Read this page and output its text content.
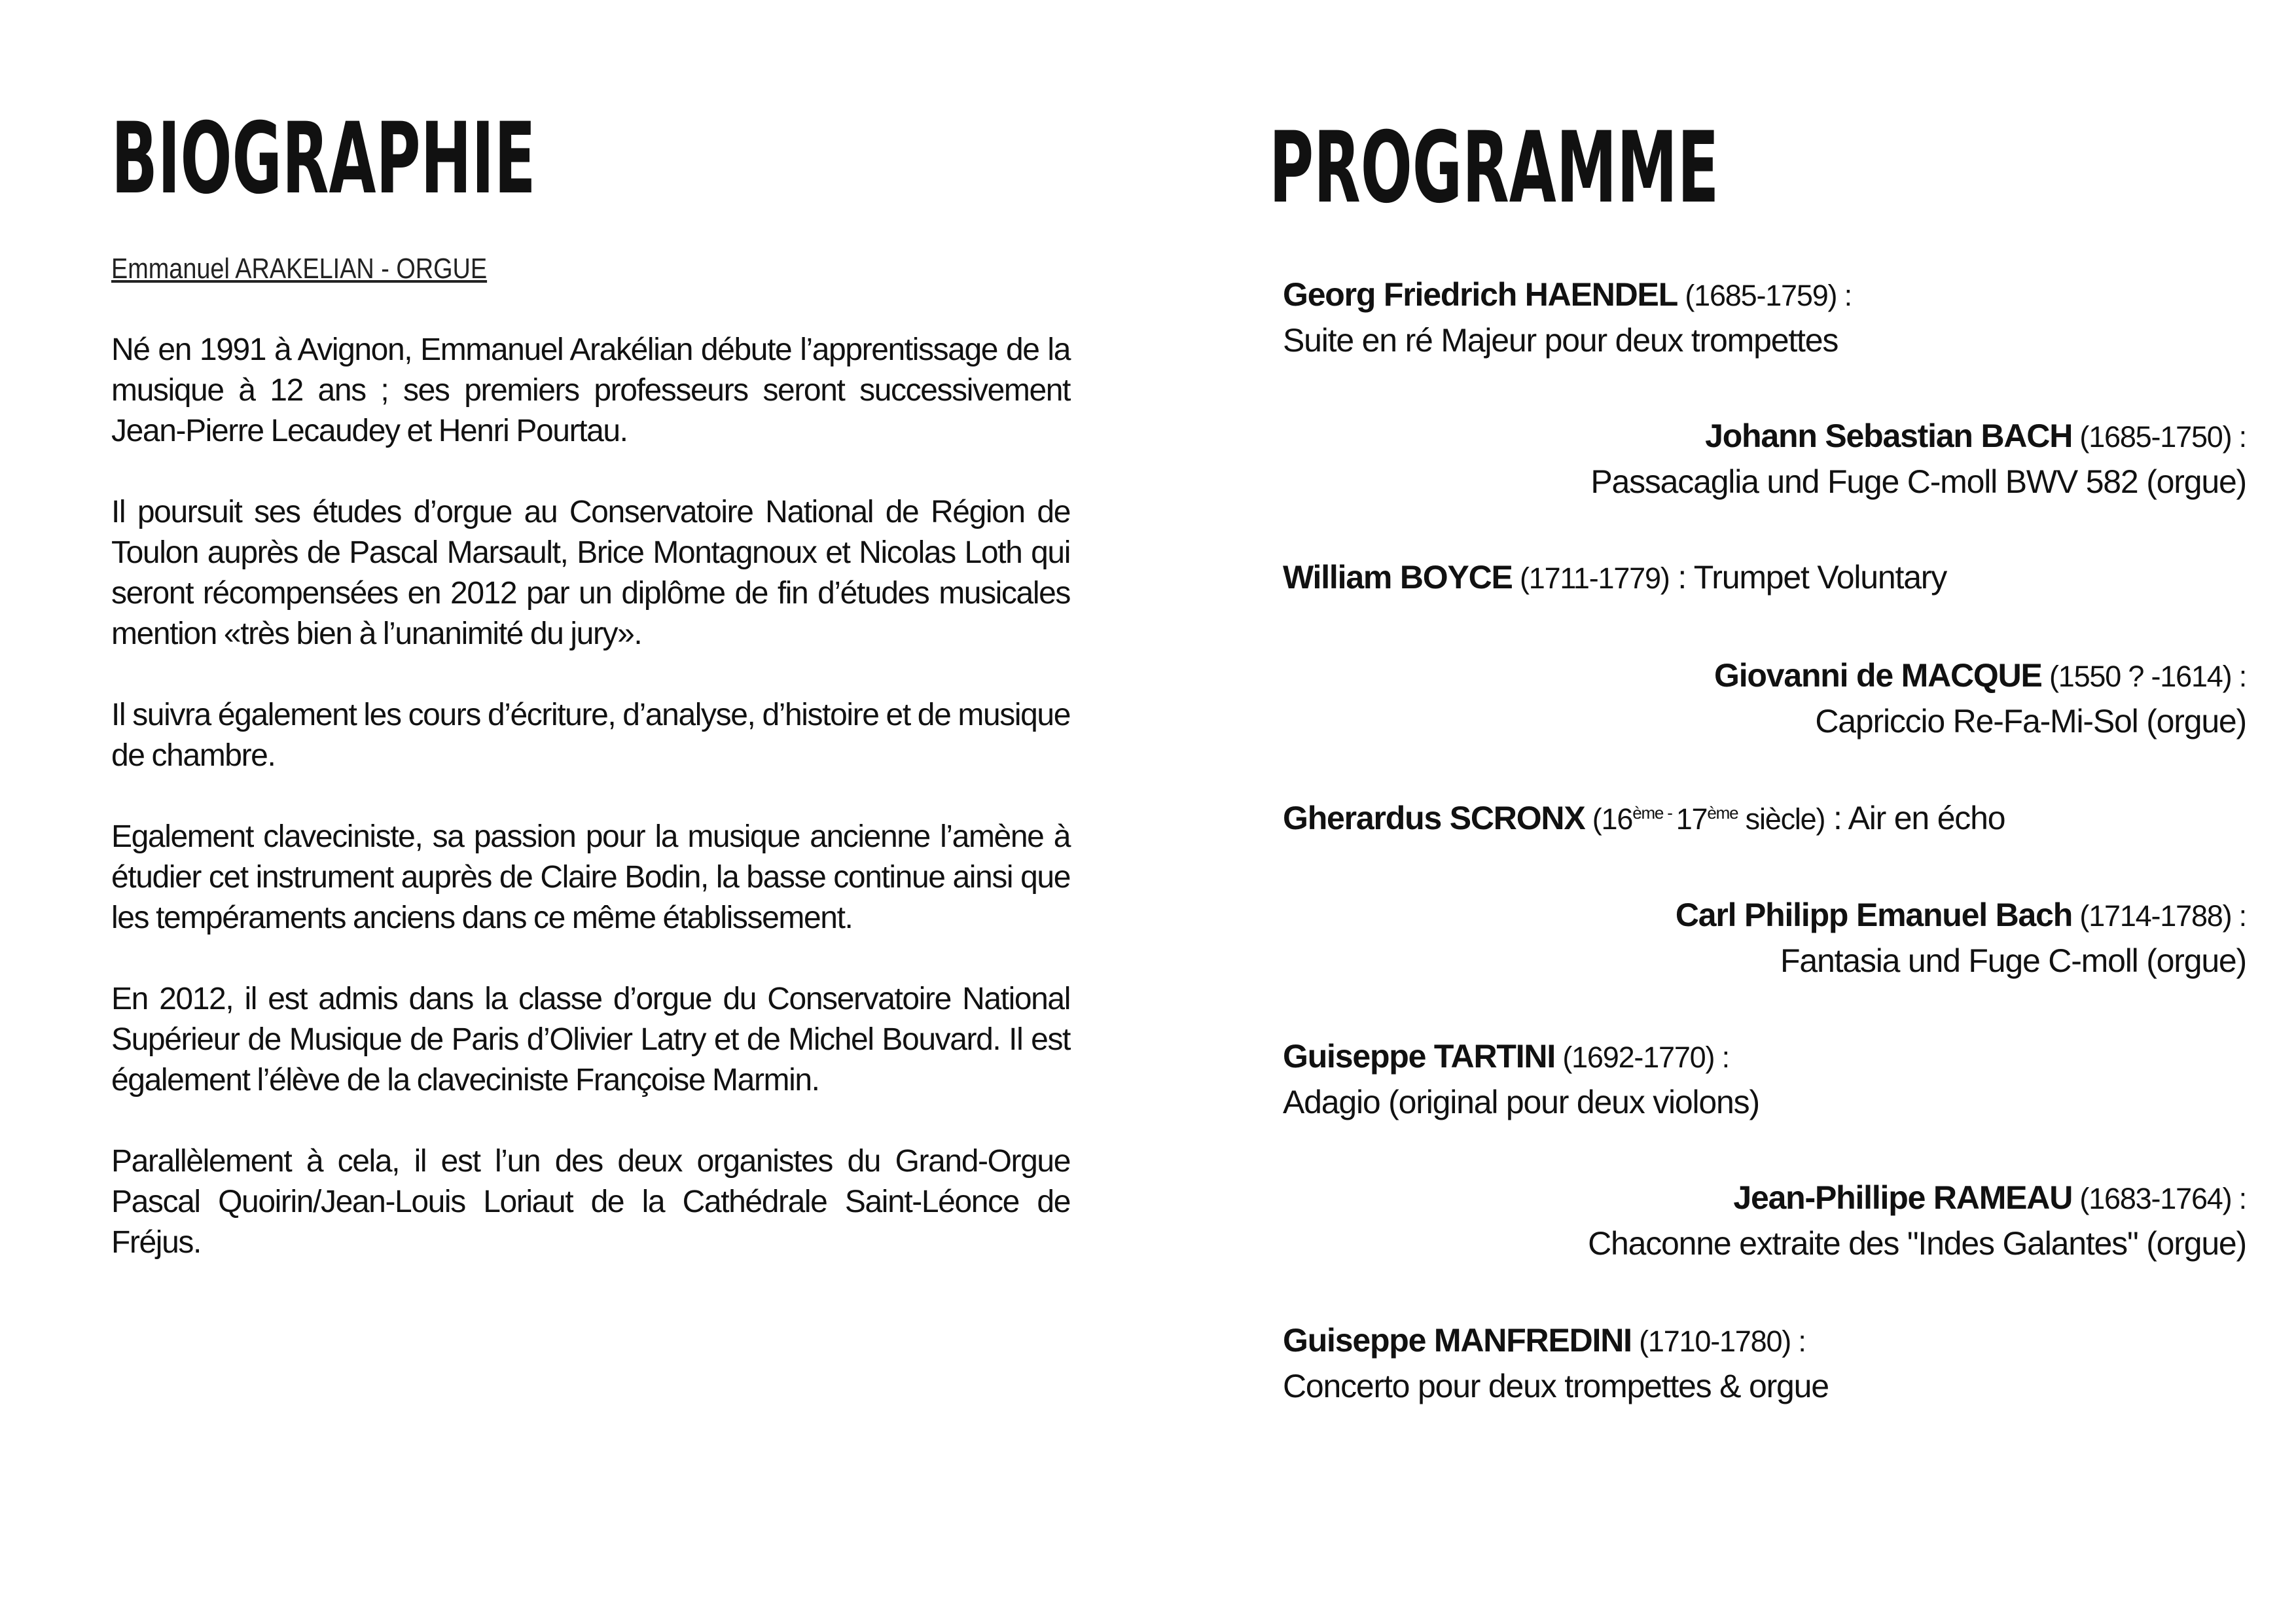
BIOGRAPHIE

Emmanuel ARAKELIAN - ORGUE

Né en 1991 à Avignon, Emmanuel Arakélian débute l’apprentissage de la musique à 12 ans ; ses premiers professeurs seront successivement Jean-Pierre Lecaudey et Henri Pourtau.

Il poursuit ses études d’orgue au Conservatoire National de Région de Toulon auprès de Pascal Marsault, Brice Montagnoux et Nicolas Loth qui seront récompensées en 2012 par un diplôme de fin d’études musicales mention «très bien à l’unanimité du jury».

Il suivra également les cours d’écriture, d’analyse, d’histoire et de musique de chambre.

Egalement claveciniste, sa passion pour la musique ancienne l’amène à étudier cet instrument auprès de Claire Bodin, la basse continue ainsi que les tempéraments anciens dans ce même établissement.

En 2012, il est admis dans la classe d’orgue du Conservatoire National Supérieur de Musique de Paris d’Olivier Latry et de Michel Bouvard. Il est également l’élève de la claveciniste Françoise Marmin.

Parallèlement à cela, il est l’un des deux organistes du Grand-Orgue Pascal Quoirin/Jean-Louis Loriaut de la Cathédrale Saint-Léonce de Fréjus.

PROGRAMME
Georg Friedrich HAENDEL (1685-1759) :
Suite en ré Majeur pour deux trompettes
Johann Sebastian BACH (1685-1750) :
Passacaglia und Fuge C-moll BWV 582 (orgue)
William BOYCE (1711-1779) : Trumpet Voluntary
Giovanni de MACQUE (1550 ? -1614) :
Capriccio Re-Fa-Mi-Sol (orgue)
Gherardus SCRONX ($16^{ème -}$ 17ème siècle) : Air en écho
Carl Philipp Emanuel Bach (1714-1788) :
Fantasia und Fuge C-moll (orgue)
Guiseppe TARTINI (1692-1770) :
Adagio (original pour deux violons)
Jean-Phillipe RAMEAU (1683-1764) :
Chaconne extraite des "Indes Galantes" (orgue)
Guiseppe MANFREDINI (1710-1780) :
Concerto pour deux trompettes & orgue
